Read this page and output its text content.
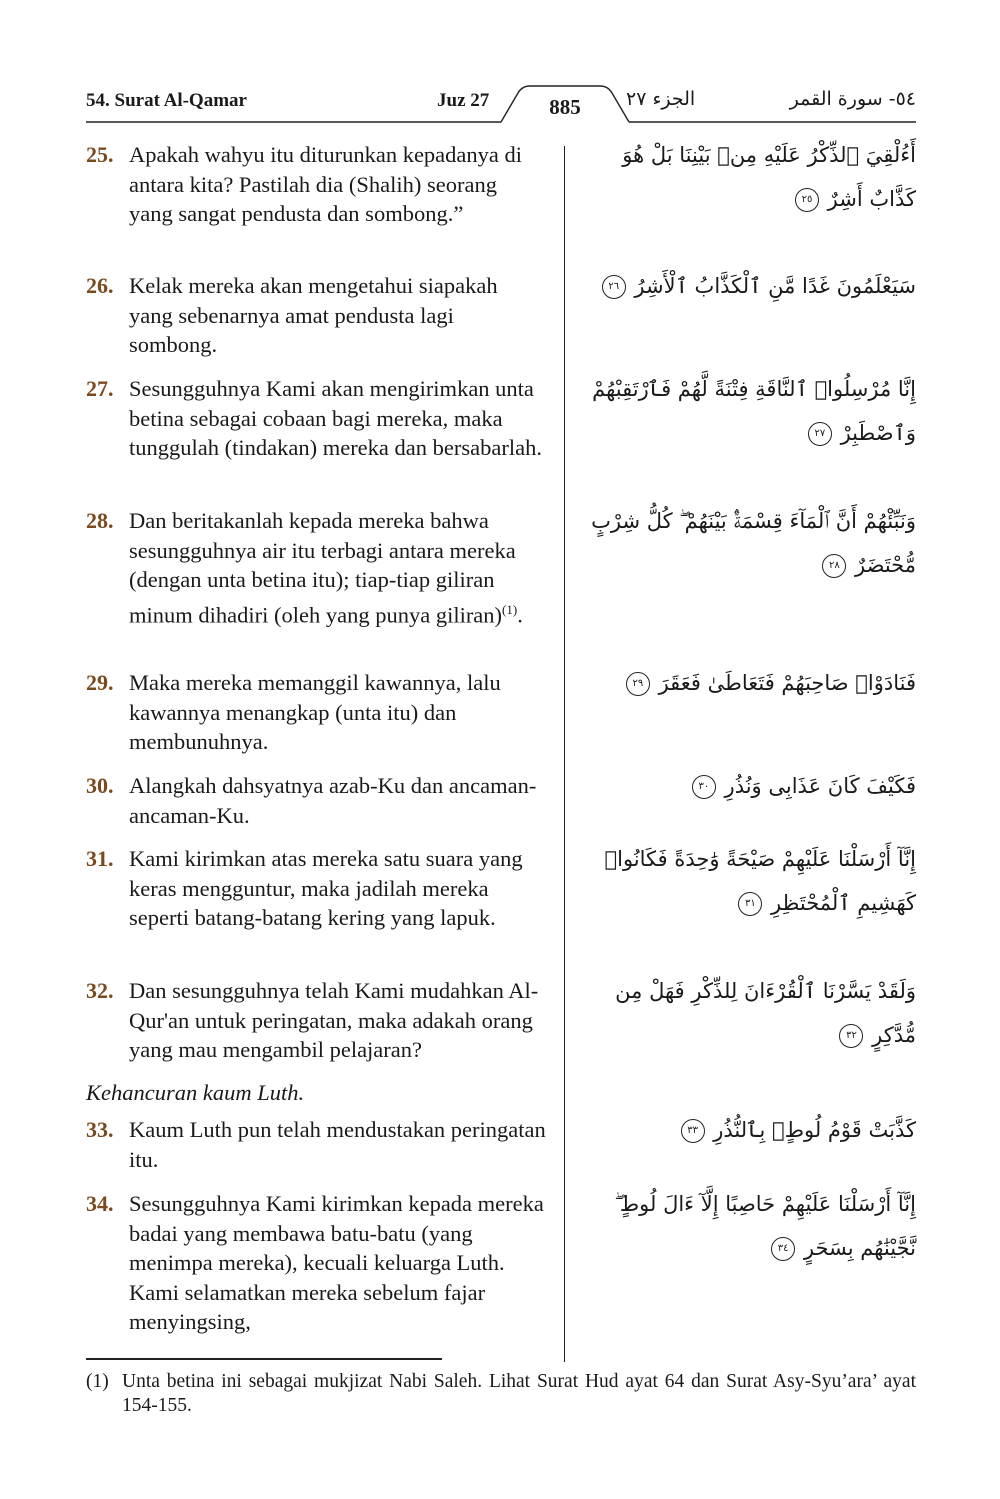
54. Surat Al-Qamar	Juz 27	885	الجزء ٢٧	٥٤- سورة القمر
25. Apakah wahyu itu diturunkan kepadanya di antara kita? Pastilah dia (Shalih) seorang yang sangat pendusta dan sombong.”
أَءُلْقِيَ ٱلذِّكْرُ عَلَيْهِ مِنۢ بَيْنِنَا بَلْ هُوَ كَذَّابٌ أَشِرٌ ٢٥
26. Kelak mereka akan mengetahui siapakah yang sebenarnya amat pendusta lagi sombong.
سَيَعْلَمُونَ غَدًا مَّنِ ٱلْكَذَّابُ ٱلْأَشِرُ ٢٦
27. Sesungguhnya Kami akan mengirimkan unta betina sebagai cobaan bagi mereka, maka tunggulah (tindakan) mereka dan bersabarlah.
إِنَّا مُرْسِلُوا۟ ٱلنَّاقَةِ فِتْنَةً لَّهُمْ فَٱرْتَقِبْهُمْ وَٱصْطَبِرْ ٢٧
28. Dan beritakanlah kepada mereka bahwa sesungguhnya air itu terbagi antara mereka (dengan unta betina itu); tiap-tiap giliran minum dihadiri (oleh yang punya giliran)$^{(1)}$.
وَنَبِّئْهُمْ أَنَّ ٱلْمَآءَ قِسْمَةٌۢ بَيْنَهُمْ ۖ كُلُّ شِرْبٍ مُّحْتَضَرٌ ٢٨
29. Maka mereka memanggil kawannya, lalu kawannya menangkap (unta itu) dan membunuhnya.
فَنَادَوْا۟ صَاحِبَهُمْ فَتَعَاطَىٰ فَعَقَرَ ٢٩
30. Alangkah dahsyatnya azab-Ku dan ancaman-ancaman-Ku.
فَكَيْفَ كَانَ عَذَابِى وَنُذُرِ ٣٠
31. Kami kirimkan atas mereka satu suara yang keras mengguntur, maka jadilah mereka seperti batang-batang kering yang lapuk.
إِنَّآ أَرْسَلْنَا عَلَيْهِمْ صَيْحَةً وَٰحِدَةً فَكَانُوا۟ كَهَشِيمِ ٱلْمُحْتَظِرِ ٣١
32. Dan sesungguhnya telah Kami mudahkan Al-Qur'an untuk peringatan, maka adakah orang yang mau mengambil pelajaran?
وَلَقَدْ يَسَّرْنَا ٱلْقُرْءَانَ لِلذِّكْرِ فَهَلْ مِن مُّدَّكِرٍ ٣٢
Kehancuran kaum Luth.
33. Kaum Luth pun telah mendustakan peringatan itu.
كَذَّبَتْ قَوْمُ لُوطٍۭ بِٱلنُّذُرِ ٣٣
34. Sesungguhnya Kami kirimkan kepada mereka badai yang membawa batu-batu (yang menimpa mereka), kecuali keluarga Luth. Kami selamatkan mereka sebelum fajar menyingsing,
إِنَّآ أَرْسَلْنَا عَلَيْهِمْ حَاصِبًا إِلَّآ ءَالَ لُوطٍ ۖ نَّجَّيْنَٰهُم بِسَحَرٍ ٣٤
(1) Unta betina ini sebagai mukjizat Nabi Saleh. Lihat Surat Hud ayat 64 dan Surat Asy-Syu’ara’ ayat 154-155.
